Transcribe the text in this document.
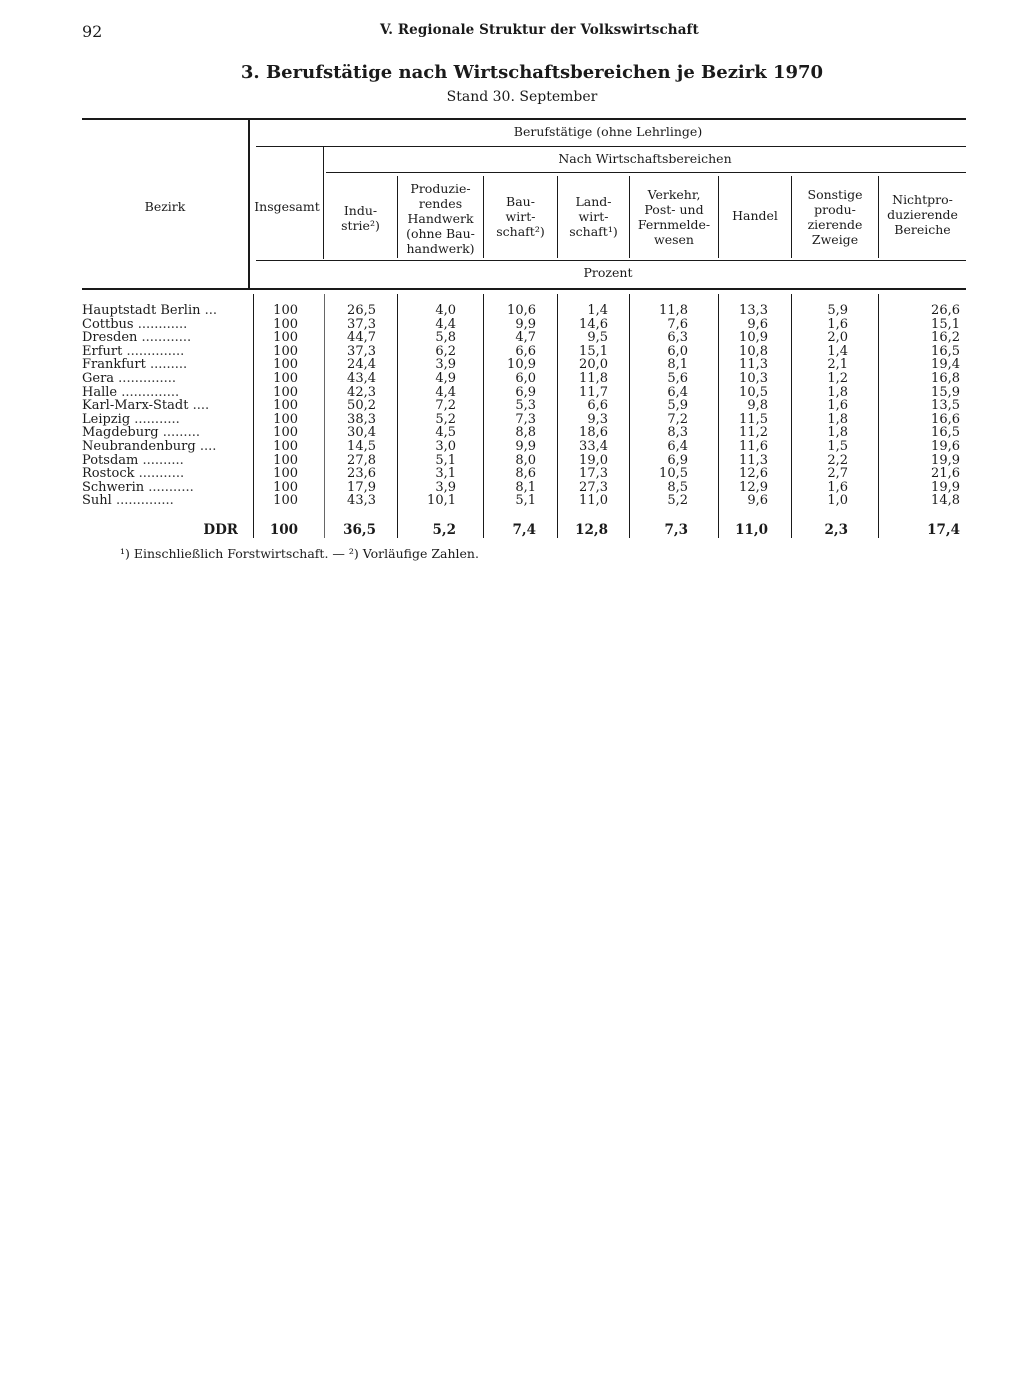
92	V. Regionale Struktur der Volkswirtschaft
3. Berufstätige nach Wirtschaftsbereichen je Bezirk 1970
Stand 30. September
Bezirk
Berufstätige (ohne Lehrlinge)
Nach Wirtschaftsbereichen
Insgesamt
Prozent
Indu-
strie²)
Produzie-
rendes
Handwerk
(ohne Bau-
handwerk)
Bau-
wirt-
schaft²)
Land-
wirt-
schaft¹)
Verkehr,
Post- und
Fernmelde-
wesen
Handel
Sonstige
produ-
zierende
Zweige
Nichtpro-
duzierende
Bereiche
Hauptstadt Berlin ...	100	26,5	4,0	10,6	1,4	11,8	13,3	5,9	26,6
Cottbus ............	100	37,3	4,4	9,9	14,6	7,6	9,6	1,6	15,1
Dresden ............	100	44,7	5,8	4,7	9,5	6,3	10,9	2,0	16,2
Erfurt ..............	100	37,3	6,2	6,6	15,1	6,0	10,8	1,4	16,5
Frankfurt .........	100	24,4	3,9	10,9	20,0	8,1	11,3	2,1	19,4
Gera ..............	100	43,4	4,9	6,0	11,8	5,6	10,3	1,2	16,8
Halle ..............	100	42,3	4,4	6,9	11,7	6,4	10,5	1,8	15,9
Karl-Marx-Stadt ....	100	50,2	7,2	5,3	6,6	5,9	9,8	1,6	13,5
Leipzig ...........	100	38,3	5,2	7,3	9,3	7,2	11,5	1,8	16,6
Magdeburg .........	100	30,4	4,5	8,8	18,6	8,3	11,2	1,8	16,5
Neubrandenburg ....	100	14,5	3,0	9,9	33,4	6,4	11,6	1,5	19,6
Potsdam ..........	100	27,8	5,1	8,0	19,0	6,9	11,3	2,2	19,9
Rostock ...........	100	23,6	3,1	8,6	17,3	10,5	12,6	2,7	21,6
Schwerin ...........	100	17,9	3,9	8,1	27,3	8,5	12,9	1,6	19,9
Suhl ..............	100	43,3	10,1	5,1	11,0	5,2	9,6	1,0	14,8
DDR	100	36,5	5,2	7,4	12,8	7,3	11,0	2,3	17,4
¹) Einschließlich Forstwirtschaft. — ²) Vorläufige Zahlen.
